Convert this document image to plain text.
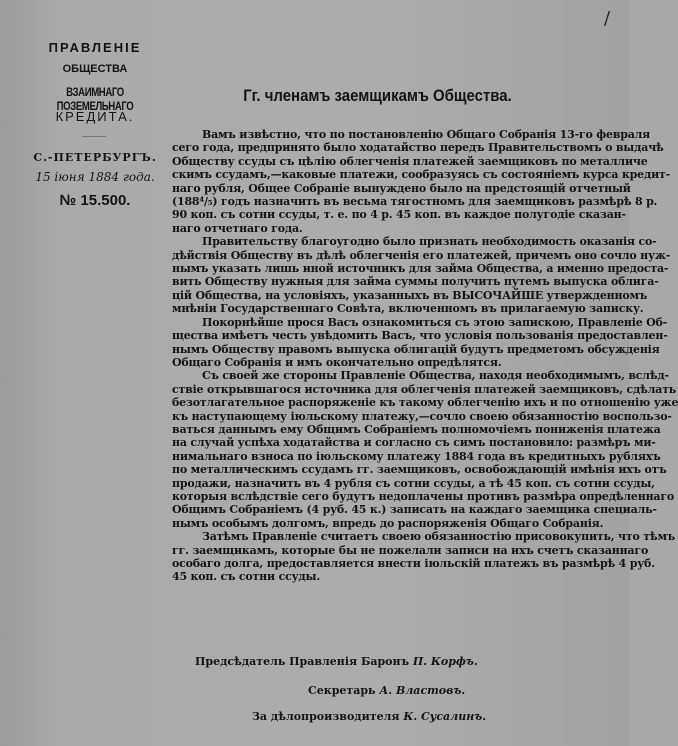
/
ПРАВЛЕНIЕ
ОБЩЕСТВА
ВЗАИМНАГО ПОЗЕМЕЛЬНАГО
КРЕДИТА.
С.-ПЕТЕРБУРГЪ.
15 iюня 1884 года.
№ 15.500.
Гг. членамъ заемщикамъ Общества.
Вамъ извѣстно, что по постановленiю Общаго Собранiя 13-го февраля
сего года, предпринято было ходатайство передъ Правительствомъ о выдачѣ
Обществу ссуды съ цѣлiю облегченiя платежей заемщиковъ по металличе
скимъ ссудамъ,—каковые платежи, сообразуясь съ состоянiемъ курса кредит-
наго рубля, Общее Собранiе вынуждено было на предстоящiй отчетный
(188⁴/₅) годъ назначить въ весьма тягостномъ для заемщиковъ размѣрѣ 8 р.
90 коп. съ сотни ссуды, т. е. по 4 р. 45 коп. въ каждое полугодiе сказан-
наго отчетнаго года.
Правительству благоугодно было признать необходимость оказанiя со-
дѣйствiя Обществу въ дѣлѣ облегченiя его платежей, причемъ оно сочло нуж-
нымъ указать лишь иной источникъ для займа Общества, а именно предоста-
вить Обществу нужныя для займа суммы получить путемъ выпуска облига-
цiй Общества, на условiяхъ, указанныхъ въ ВЫСОЧАЙШЕ утвержденномъ
мнѣнiи Государственнаго Совѣта, включенномъ въ прилагаемую записку.
Покорнѣйше прося Васъ ознакомиться съ этою запискою, Правленiе Об-
щества имѣетъ честь увѣдомить Васъ, что условiя пользованiя предоставлен-
нымъ Обществу правомъ выпуска облигацiй будутъ предметомъ обсужденiя
Общаго Собранiя и имъ окончательно опредѣлятся.
Съ своей же стороны Правленiе Общества, находя необходимымъ, вслѣд-
ствiе открывшагося источника для облегченiя платежей заемщиковъ, сдѣлать
безотлагательное распоряженiе къ такому облегченiю ихъ и по отношенiю уже
къ наступающему iюльскому платежу,—сочло своею обязанностiю воспользо-
ваться даннымъ ему Общимъ Собранiемъ полномочiемъ пониженiя платежа
на случай успѣха ходатайства и согласно съ симъ постановило: размѣръ ми-
нимальнаго взноса по iюльскому платежу 1884 года въ кредитныхъ рубляхъ
по металлическимъ ссудамъ гг. заемщиковъ, освобождающiй имѣнiя ихъ отъ
продажи, назначить въ 4 рубля съ сотни ссуды, а тѣ 45 коп. съ сотни ссуды,
которыя вслѣдствiе сего будутъ недоплачены противъ размѣра опредѣленнаго
Общимъ Собранiемъ (4 руб. 45 к.) записать на каждаго заемщика специаль-
нымъ особымъ долгомъ, впредь до распоряженiя Общаго Собранiя.
Затѣмъ Правленiе считаетъ своею обязанностiю присовокупить, что тѣмъ
гг. заемщикамъ, которые бы не пожелали записи на ихъ счетъ сказаннаго
особаго долга, предоставляется внести iюльскiй платежъ въ размѣрѣ 4 руб.
45 коп. съ сотни ссуды.
Предсѣдатель Правленiя Баронъ П. Корфъ.
Секретарь А. Властовъ.
За дѣлопроизводителя К. Сусалинъ.
